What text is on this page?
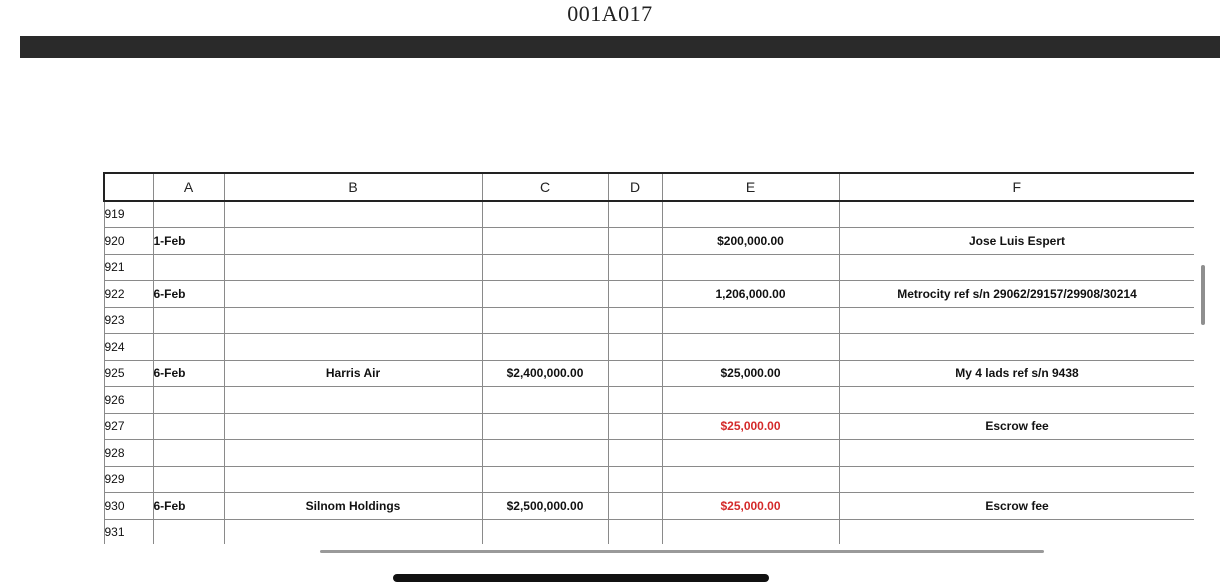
001A017
	A	B	C	D	E	F
919						
920	1-Feb				$200,000.00	Jose Luis Espert
921						
922	6-Feb				1,206,000.00	Metrocity ref s/n 29062/29157/29908/30214
923						
924						
925	6-Feb	Harris Air	$2,400,000.00		$25,000.00	My 4 lads ref s/n 9438
926						
927					$25,000.00	Escrow fee
928						
929						
930	6-Feb	Silnom Holdings	$2,500,000.00		$25,000.00	Escrow fee
931						
